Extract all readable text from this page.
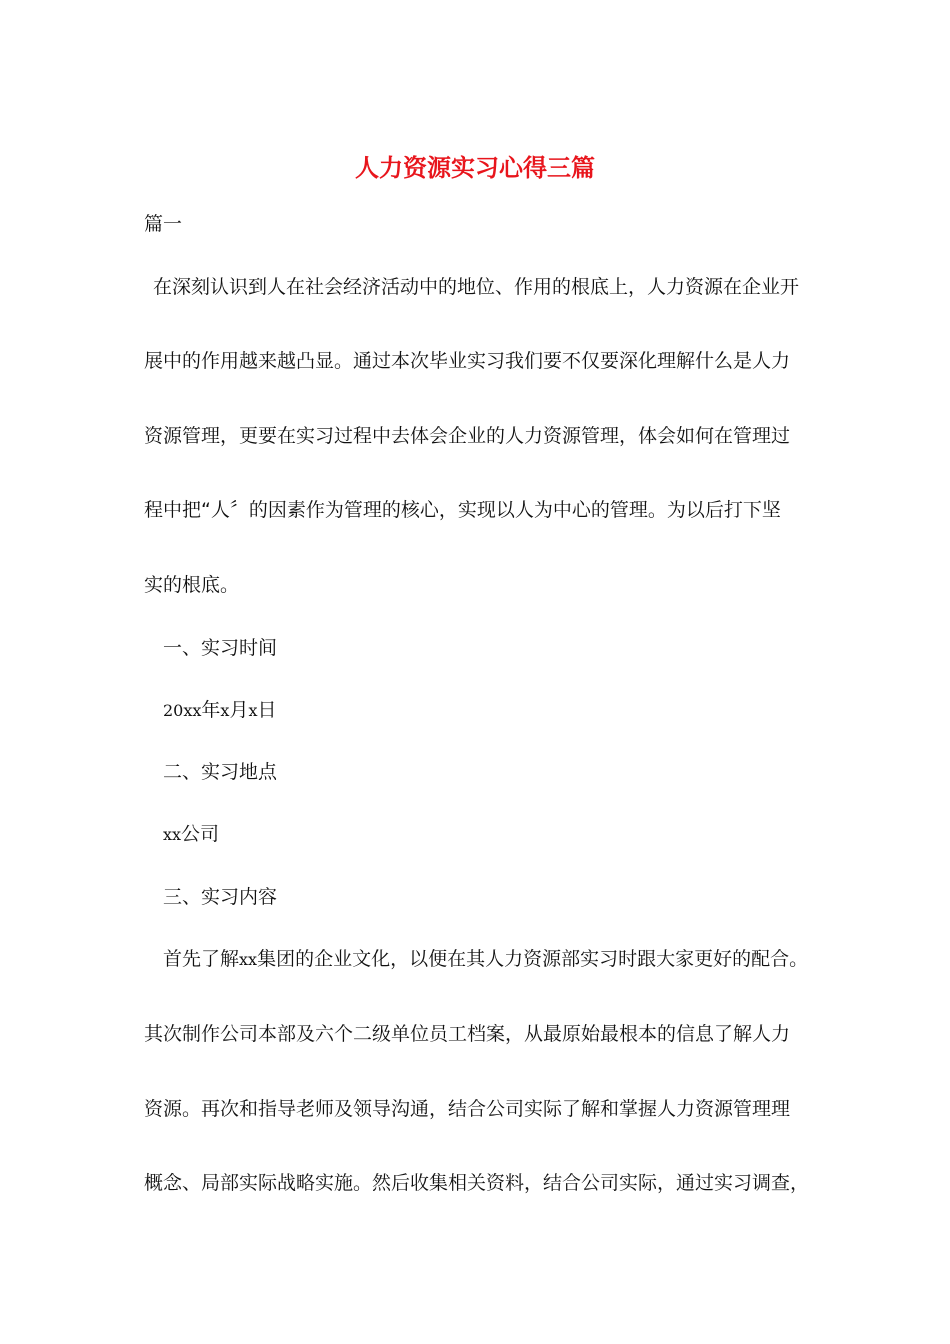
人力资源实习心得三篇

篇一

在深刻认识到人在社会经济活动中的地位、作用的根底上，人力资源在企业开

展中的作用越来越凸显。通过本次毕业实习我们要不仅要深化理解什么是人力

资源管理，更要在实习过程中去体会企业的人力资源管理，体会如何在管理过

程中把“人〞的因素作为管理的核心，实现以人为中心的管理。为以后打下坚

实的根底。

一、实习时间

20xx年x月x日

二、实习地点

xx公司

三、实习内容

首先了解xx集团的企业文化，以便在其人力资源部实习时跟大家更好的配合。

其次制作公司本部及六个二级单位员工档案，从最原始最根本的信息了解人力

资源。再次和指导老师及领导沟通，结合公司实际了解和掌握人力资源管理理

概念、局部实际战略实施。然后收集相关资料，结合公司实际，通过实习调查，
